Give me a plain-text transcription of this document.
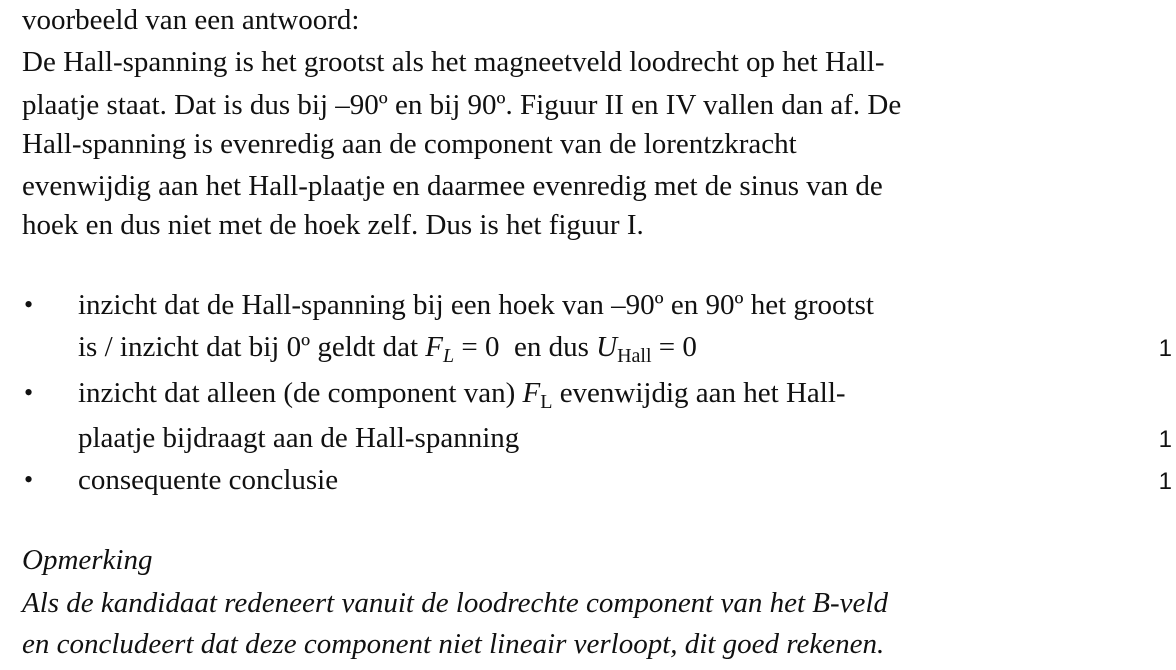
voorbeeld van een antwoord:
De Hall-spanning is het grootst als het magneetveld loodrecht op het Hall-
plaatje staat. Dat is dus bij –90º en bij 90º. Figuur II en IV vallen dan af. De
Hall-spanning is evenredig aan de component van de lorentzkracht
evenwijdig aan het Hall-plaatje en daarmee evenredig met de sinus van de
hoek en dus niet met de hoek zelf. Dus is het figuur I.
• inzicht dat de Hall-spanning bij een hoek van –90º en 90º het grootst
is / inzicht dat bij 0º geldt dat $F_L = 0$  en dus $U_{Hall} = 0$	1
• inzicht dat alleen (de component van) $F_L$ evenwijdig aan het Hall-
plaatje bijdraagt aan de Hall-spanning	1
• consequente conclusie	1
Opmerking
Als de kandidaat redeneert vanuit de loodrechte component van het B-veld
en concludeert dat deze component niet lineair verloopt, dit goed rekenen.
